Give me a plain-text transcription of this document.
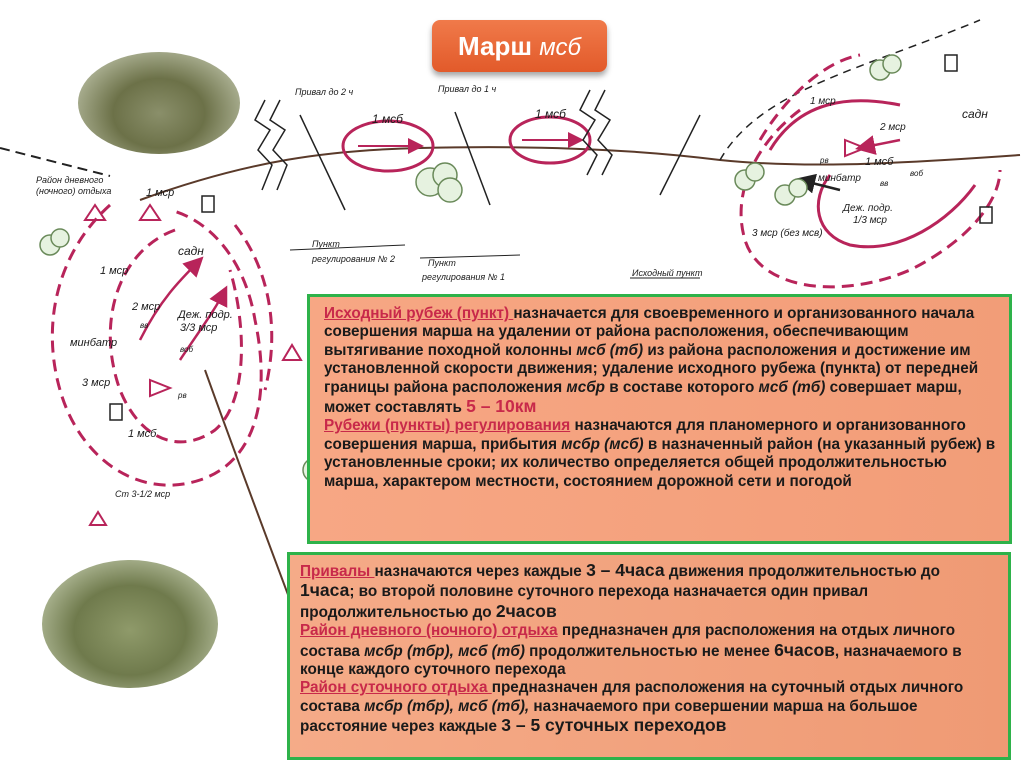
Привал до 2 ч	Привал до 1 ч
1 мсб	1 мсб
1 мсб
1 мсб
Район дневного
(ночного) отдыха	1 мср
1 мср
1 мср
садн
садн
2 мср
2 мср
3 мср
3 мср (без мсв)
минбатр
минбатр
Деж. подр.
3/3 мср
Деж. подр.
1/3 мср
вв
рв
воб
рв
вв
воб
Ст 3-1/2 мср
Пункт
регулирования № 2	Пункт
регулирования № 1	Исходный пункт
Марш мсб

Исходный рубеж (пункт) назначается для своевременного и организованного начала совершения марша на удалении от района расположения, обеспечивающим вытягивание походной колонны мсб (тб) из района расположения и достижение им установленной скорости движения; удаление исходного рубежа (пункта) от передней границы района расположения мсбр в составе которого мсб (тб) совершает марш, может составлять 5 – 10км
Рубежи (пункты) регулирования назначаются для планомерного и организованного совершения марша, прибытия мсбр (мсб) в назначенный район (на указанный рубеж) в установленные сроки; их количество определяется общей продолжительностью марша, характером местности, состоянием дорожной сети и погодой

Привалы назначаются через каждые 3 – 4часа движения продолжительностью до 1часа; во второй половине суточного перехода назначается один привал продолжительностью до 2часов
Район дневного (ночного) отдыха предназначен для расположения на отдых личного состава мсбр (тбр), мсб (тб) продолжительностью не менее 6часов, назначаемого в конце каждого суточного перехода
Район суточного отдыха предназначен для расположения на суточный отдых личного состава мсбр (тбр), мсб (тб), назначаемого при совершении марша на большое расстояние через каждые 3 – 5 суточных переходов
